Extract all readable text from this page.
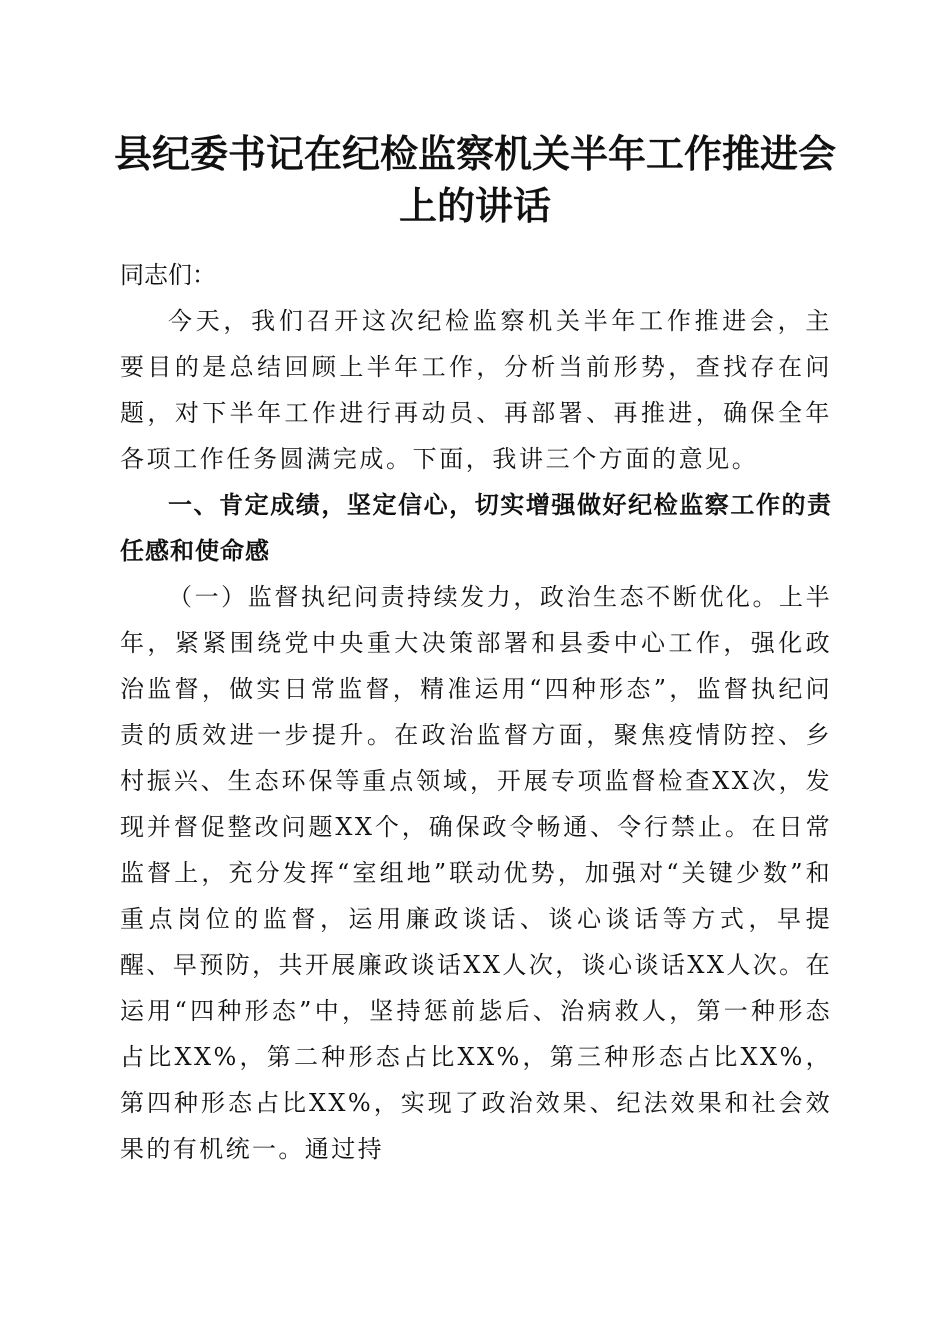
县纪委书记在纪检监察机关半年工作推进会上的讲话

同志们：

今天，我们召开这次纪检监察机关半年工作推进会，主要目的是总结回顾上半年工作，分析当前形势，查找存在问题，对下半年工作进行再动员、再部署、再推进，确保全年各项工作任务圆满完成。下面，我讲三个方面的意见。

一、肯定成绩，坚定信心，切实增强做好纪检监察工作的责任感和使命感

（一）监督执纪问责持续发力，政治生态不断优化。上半年，紧紧围绕党中央重大决策部署和县委中心工作，强化政治监督，做实日常监督，精准运用“四种形态”，监督执纪问责的质效进一步提升。在政治监督方面，聚焦疫情防控、乡村振兴、生态环保等重点领域，开展专项监督检查XX次，发现并督促整改问题XX个，确保政令畅通、令行禁止。在日常监督上，充分发挥“室组地”联动优势，加强对“关键少数”和重点岗位的监督，运用廉政谈话、谈心谈话等方式，早提醒、早预防，共开展廉政谈话XX人次，谈心谈话XX人次。在运用“四种形态”中，坚持惩前毖后、治病救人，第一种形态占比XX%，第二种形态占比XX%，第三种形态占比XX%，第四种形态占比XX%，实现了政治效果、纪法效果和社会效果的有机统一。通过持
